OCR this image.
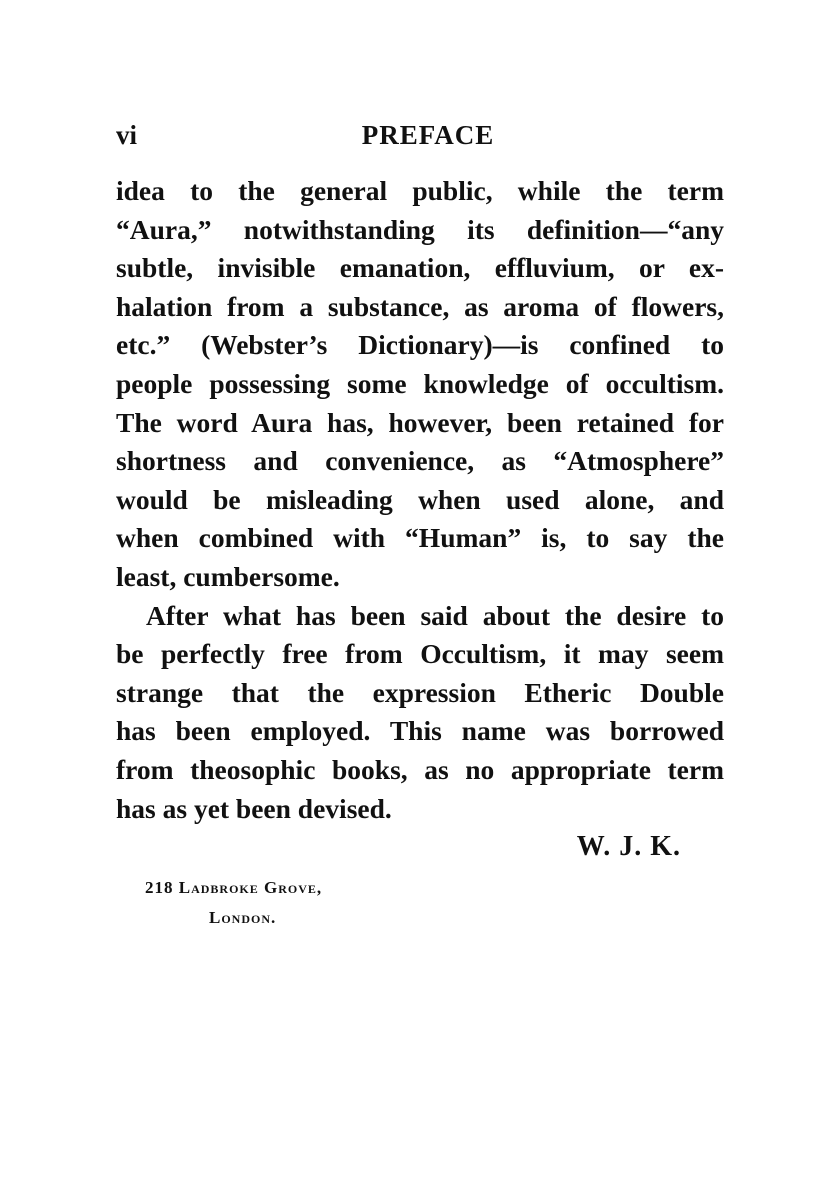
vi	PREFACE
idea to the general public, while the term
“Aura,” notwithstanding its definition—“any
subtle, invisible emanation, effluvium, or ex-
halation from a substance, as aroma of flowers,
etc.” (Webster’s Dictionary)—is confined to
people possessing some knowledge of occultism.
The word Aura has, however, been retained for
shortness and convenience, as “Atmosphere”
would be misleading when used alone, and
when combined with “Human” is, to say the
least, cumbersome.
After what has been said about the desire to
be perfectly free from Occultism, it may seem
strange that the expression Etheric Double
has been employed. This name was borrowed
from theosophic books, as no appropriate term
has as yet been devised.
W. J. K.
218 Ladbroke Grove,
London.
